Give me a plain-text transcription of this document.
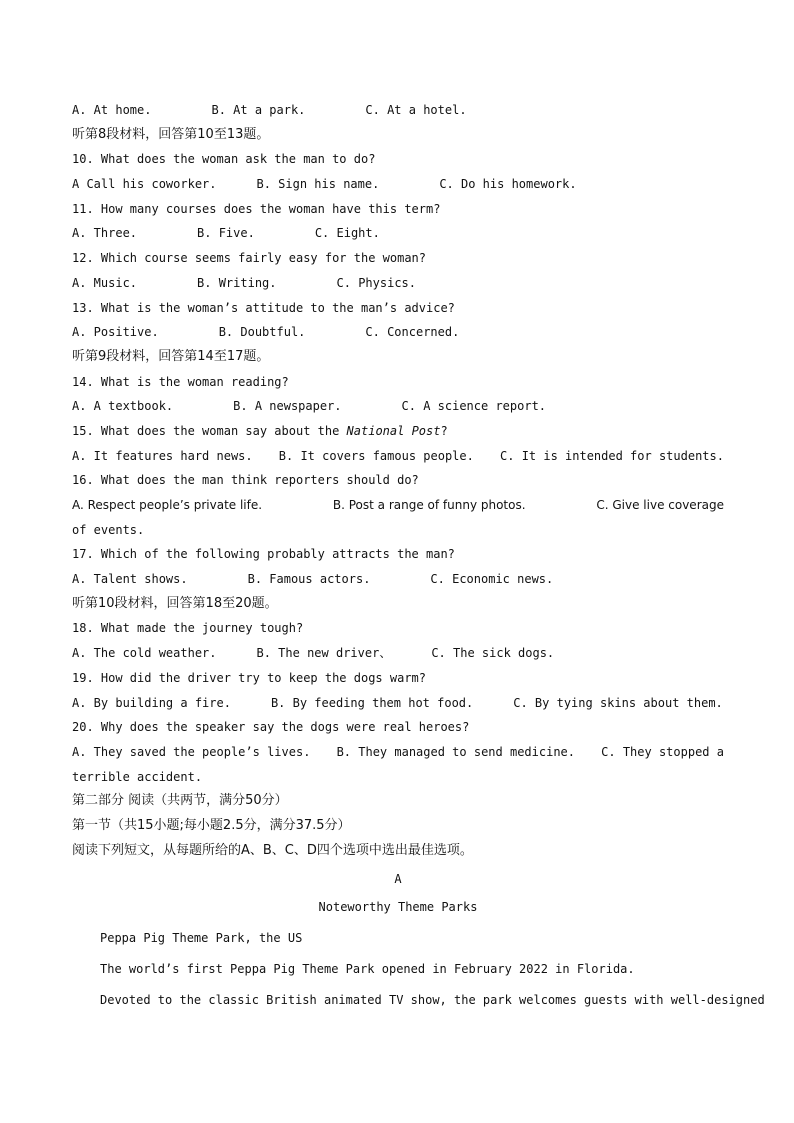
A. At home.	B. At a park.	C. At a hotel.
听第8段材料，回答第10至13题。
10. What does the woman ask the man to do?
A Call his coworker.	B. Sign his name.	C. Do his homework.
11. How many courses does the woman have this term?
A. Three.	B. Five.	C. Eight.
12. Which course seems fairly easy for the woman?
A. Music.	B. Writing.	C. Physics.
13. What is the woman’s attitude to the man’s advice?
A. Positive.	B. Doubtful.	C. Concerned.
听第9段材料，回答第14至17题。
14. What is the woman reading?
A. A textbook.	B. A newspaper.	C. A science report.
15. What does the woman say about the National Post?
A. It features hard news. B. It covers famous people. C. It is intended for students.
16. What does the man think reporters should do?
A. Respect people’s private life.	B. Post a range of funny photos.	C. Give live coverage
of events.
17. Which of the following probably attracts the man?
A. Talent shows.	B. Famous actors.	C. Economic news.
听第10段材料，回答第18至20题。
18. What made the journey tough?
A. The cold weather.	B. The new driver、	C. The sick dogs.
19. How did the driver try to keep the dogs warm?
A. By building a fire.	B. By feeding them hot food.	C. By tying skins about them.
20. Why does the speaker say the dogs were real heroes?
A. They saved the people’s lives. B. They managed to send medicine. C. They stopped a
terrible accident.
第二部分 阅读（共两节，满分50分）
第一节（共15小题;每小题2.5分，满分37.5分）
阅读下列短文，从每题所给的A、B、C、D四个选项中选出最佳选项。
A
Noteworthy Theme Parks
Peppa Pig Theme Park, the US
The world’s first Peppa Pig Theme Park opened in February 2022 in Florida.
Devoted to the classic British animated TV show, the park welcomes guests with well-designed
